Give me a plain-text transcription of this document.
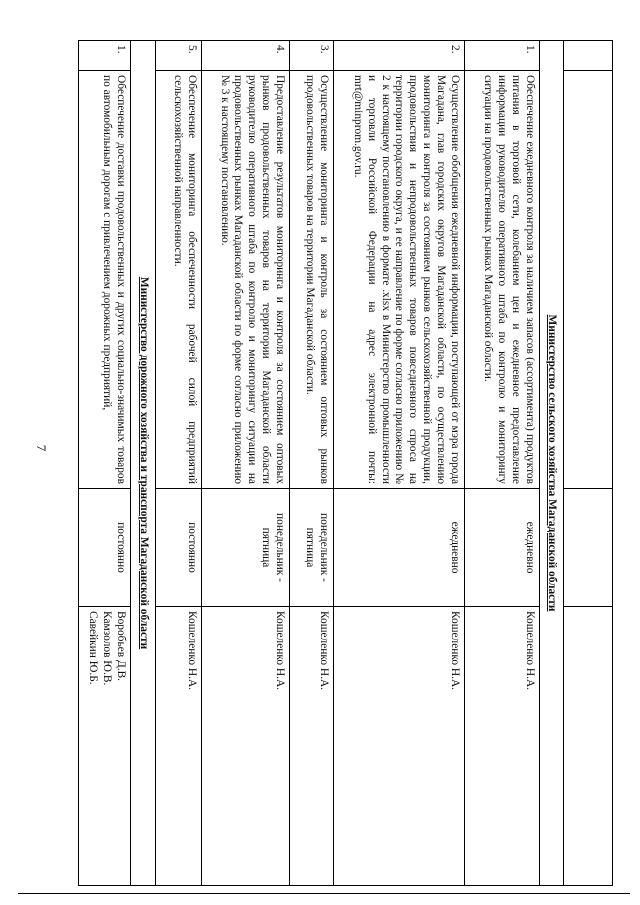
7
				Министерство сельского хозяйства Магаданской области			
1.	Обеспечение ежедневного контроля за наличием запасов (ассортимента) продуктов питания в торговой сети, колебанием цен и ежедневное предоставление информации руководителю оперативного штаба по контролю и мониторингу ситуации на продовольственных рынках Магаданской области.	ежедневно	Кошеленко Н.А.
2.	Осуществление обобщения ежедневной информации, поступающей от мэра города Магадана, глав городских округов Магаданской области, по осуществлению мониторинга и контроля за состоянием рынков сельскохозяйственной продукции, продовольствия и непродовольственных товаров повседневного спроса на территории городского округа, и ее направление по форме согласно приложению № 2 к настоящему постановлению в формате .xlsx в Министерство промышленности и торговли Российской Федерации на адрес электронной почты: mrt@minprom.gov.ru.	ежедневно	Кошеленко Н.А.
3.	Осуществление мониторинга и контроль за состоянием оптовых рынков продовольственных товаров на территории Магаданской области.	понедельник - пятница	Кошеленко Н.А.
4.	Предоставление результатов мониторинга и контроля за состоянием оптовых рынков продовольственных товаров на территории Магаданской области руководителю оперативного штаба по контролю и мониторингу ситуации на продовольственных рынках Магаданской области по форме согласно приложению № 3 к настоящему постановлению.	понедельник - пятница	Кошеленко Н.А.
5.	Обеспечение мониторинга обеспеченности рабочей силой предприятий сельскохозяйственной направленности.	постоянно	Кошеленко Н.А.
Министерство дорожного хозяйства и транспорта Магаданской области			
1.	Обеспечение доставки продовольственных и других социально-значимых товаров по автомобильным дорогам с привлечением дорожных предприятий,	постоянно	Воробьев Д.В.
Камзолов Ю.В.
Савейкин Ю.Б.
